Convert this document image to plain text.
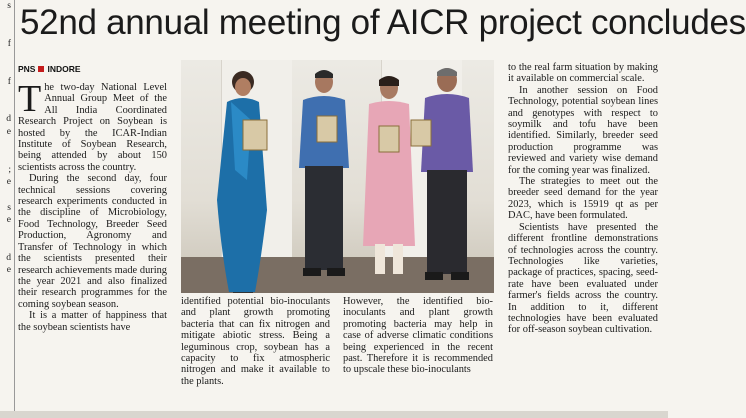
s
f
f
d
e
;
e
s
e
d
e
52nd annual meeting of AICR project concludes
PNS INDORE

The two-day National Level Annual Group Meet of the All India Coordinated Research Project on Soybean is hosted by the ICAR-Indian Institute of Soybean Research, being attended by about 150 scientists across the country.

During the second day, four technical sessions covering research experiments conducted in the discipline of Microbiology, Food Technology, Breeder Seed Production, Agronomy and Transfer of Technology in which the scientists presented their research achievements made during the year 2021 and also finalized their research programmes for the coming soybean season.

It is a matter of happiness that the soybean scientists have

identified potential bio-inoculants and plant growth promoting bacteria that can fix nitrogen and mitigate abiotic stress. Being a leguminous crop, soybean has a capacity to fix atmospheric nitrogen and make it available to the plants.

However, the identified bio-inoculants and plant growth promoting bacteria may help in case of adverse climatic conditions being experienced in the recent past. Therefore it is recommended to upscale these bio-inoculants

to the real farm situation by making it available on commercial scale.

In another session on Food Technology, potential soybean lines and genotypes with respect to soymilk and tofu have been identified. Similarly, breeder seed production programme was reviewed and variety wise demand for the coming year was finalized.

The strategies to meet out the breeder seed demand for the year 2023, which is 15919 qt as per DAC, have been formulated.

Scientists have presented the different frontline demonstrations of technologies across the country. Technologies like varieties, package of practices, spacing, seed-rate have been evaluated under farmer's fields across the country. In addition to it, different technologies have been evaluated for off-season soybean cultivation.
